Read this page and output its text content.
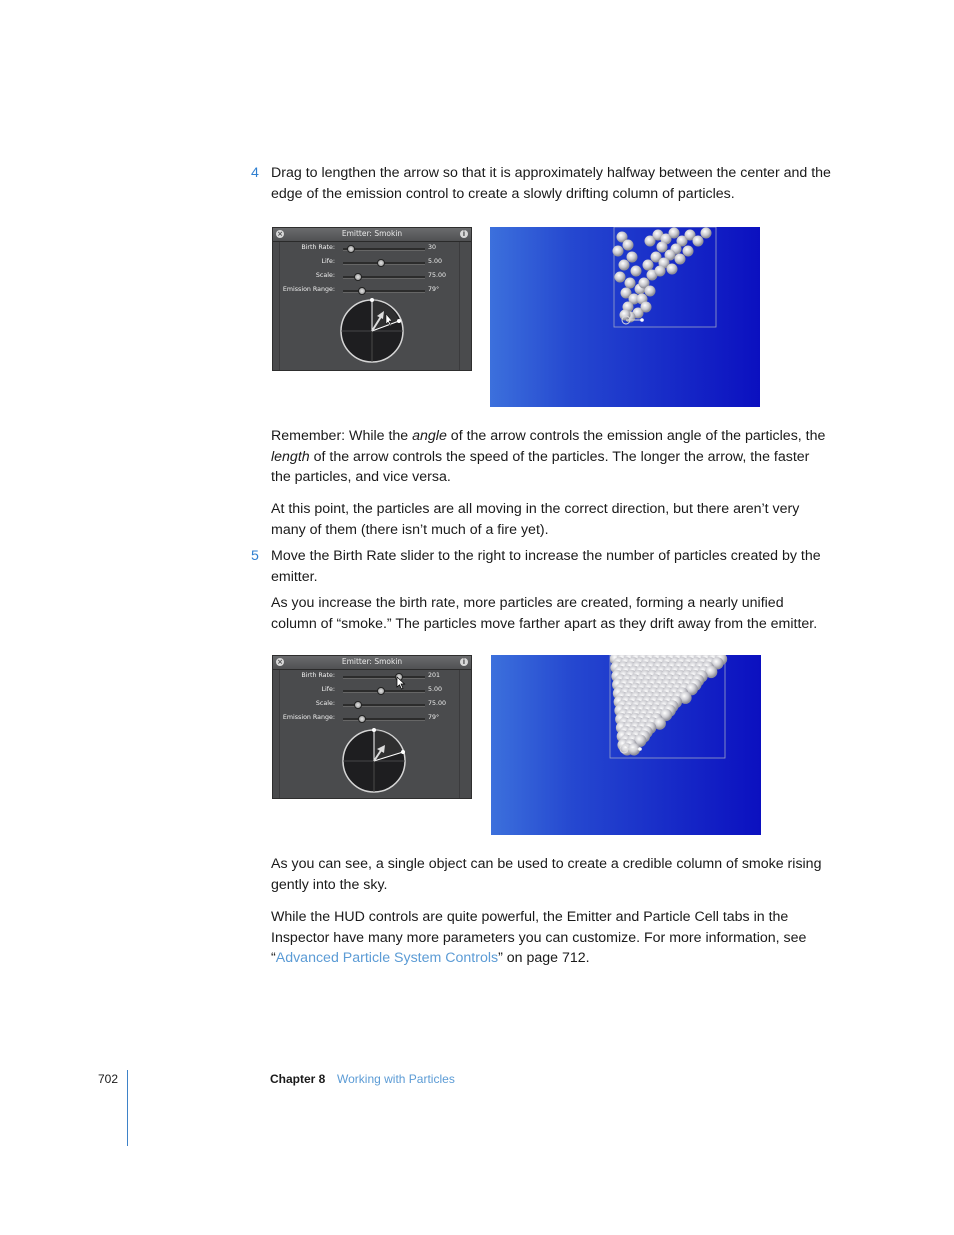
4 Drag to lengthen the arrow so that it is approximately halfway between the center and the edge of the emission control to create a slowly drifting column of particles.

×	Emitter: Smokin	i
Birth Rate:	30
Life:	5.00
Scale:	75.00
Emission Range:	79°

Remember: While the angle of the arrow controls the emission angle of the particles, the length of the arrow controls the speed of the particles. The longer the arrow, the faster the particles, and vice versa.

At this point, the particles are all moving in the correct direction, but there aren’t very many of them (there isn’t much of a fire yet).

5 Move the Birth Rate slider to the right to increase the number of particles created by the emitter.

As you increase the birth rate, more particles are created, forming a nearly unified column of “smoke.” The particles move farther apart as they drift away from the emitter.

×	Emitter: Smokin	i
Birth Rate:	201
Life:	5.00
Scale:	75.00
Emission Range:	79°

As you can see, a single object can be used to create a credible column of smoke rising gently into the sky.

While the HUD controls are quite powerful, the Emitter and Particle Cell tabs in the Inspector have many more parameters you can customize. For more information, see “Advanced Particle System Controls” on page 712.

702	Chapter 8 Working with Particles
